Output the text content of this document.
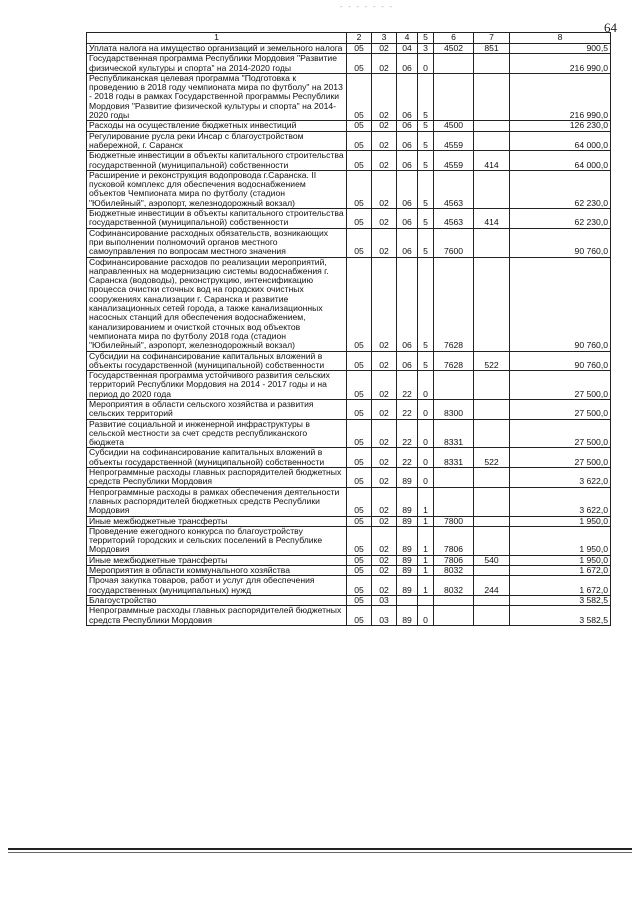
- - - - - - -
64
1	2	3	4	5	6	7	8
Уплата налога на имущество организаций и земельного налога	05	02	04	3	4502	851	900,5
Государственная программа Республики Мордовия "Развитие физической культуры и спорта" на 2014-2020 годы	05	02	06	0			216 990,0
Республиканская целевая программа "Подготовка к проведению в 2018 году чемпионата мира по футболу" на 2013 - 2018 годы в рамках Государственной программы Республики Мордовия "Развитие физической культуры и спорта" на 2014-2020 годы	05	02	06	5			216 990,0
Расходы на осуществление бюджетных инвестиций	05	02	06	5	4500		126 230,0
Регулирование русла реки Инсар с благоустройством набережной, г. Саранск	05	02	06	5	4559		64 000,0
Бюджетные инвестиции в объекты капитального строительства государственной (муниципальной) собственности	05	02	06	5	4559	414	64 000,0
Расширение и реконструкция водопровода г.Саранска. II пусковой комплекс для обеспечения водоснабжением объектов Чемпионата мира по футболу (стадион "Юбилейный", аэропорт, железнодорожный вокзал)	05	02	06	5	4563		62 230,0
Бюджетные инвестиции в объекты капитального строительства государственной (муниципальной) собственности	05	02	06	5	4563	414	62 230,0
Софинансирование расходных обязательств, возникающих при выполнении полномочий органов местного самоуправления по вопросам местного значения	05	02	06	5	7600		90 760,0
Софинансирование расходов по реализации мероприятий, направленных на модернизацию системы водоснабжения г. Саранска (водоводы), реконструкцию, интенсификацию процесса очистки сточных вод на городских очистных сооружениях канализации г. Саранска и развитие канализационных сетей города, а также канализационных насосных станций для обеспечения водоснабжением, канализированием и очисткой сточных вод объектов чемпионата мира по футболу 2018 года (стадион "Юбилейный", аэропорт, железнодорожный вокзал)	05	02	06	5	7628		90 760,0
Субсидии на софинансирование капитальных вложений в объекты государственной (муниципальной) собственности	05	02	06	5	7628	522	90 760,0
Государственная программа устойчивого развития сельских территорий Республики Мордовия на 2014 - 2017 годы и на период до 2020 года	05	02	22	0			27 500,0
Мероприятия в области сельского хозяйства и развития сельских территорий	05	02	22	0	8300		27 500,0
Развитие социальной и инженерной инфраструктуры в сельской местности за счет средств республиканского бюджета	05	02	22	0	8331		27 500,0
Субсидии на софинансирование капитальных вложений в объекты государственной (муниципальной) собственности	05	02	22	0	8331	522	27 500,0
Непрограммные расходы главных распорядителей бюджетных средств Республики Мордовия	05	02	89	0			3 622,0
Непрограммные расходы в рамках обеспечения деятельности главных распорядителей бюджетных средств Республики Мордовия	05	02	89	1			3 622,0
Иные межбюджетные трансферты	05	02	89	1	7800		1 950,0
Проведение ежегодного конкурса по благоустройству территорий городских и сельских поселений в Республике Мордовия	05	02	89	1	7806		1 950,0
Иные межбюджетные трансферты	05	02	89	1	7806	540	1 950,0
Мероприятия в области коммунального хозяйства	05	02	89	1	8032		1 672,0
Прочая закупка товаров, работ и услуг для обеспечения государственных (муниципальных) нужд	05	02	89	1	8032	244	1 672,0
Благоустройство	05	03					3 582,5
Непрограммные расходы главных распорядителей бюджетных средств Республики Мордовия	05	03	89	0			3 582,5
